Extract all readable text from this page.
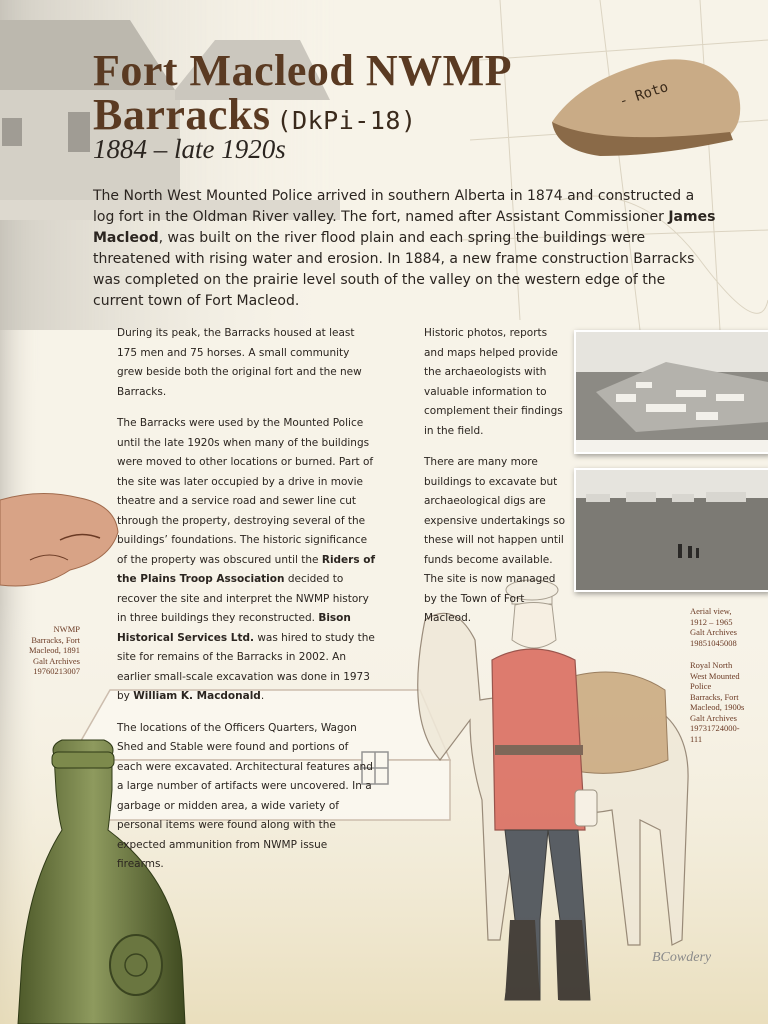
- Roto
Fort Macleod NWMP
Barracks (DkPi-18)

1884 – late 1920s

The North West Mounted Police arrived in southern Alberta in 1874 and constructed a log fort in the Oldman River valley. The fort, named after Assistant Commissioner James Macleod, was built on the river flood plain and each spring the buildings were threatened with rising water and erosion. In 1884, a new frame construction Barracks was completed on the prairie level south of the valley on the western edge of the current town of Fort Macleod.

During its peak, the Barracks housed at least 175 men and 75 horses. A small community grew beside both the original fort and the new Barracks.

The Barracks were used by the Mounted Police until the late 1920s when many of the buildings were moved to other locations or burned. Part of the site was later occupied by a drive in movie theatre and a service road and sewer line cut through the property, destroying several of the buildings’ foundations. The historic significance of the property was obscured until the Riders of the Plains Troop Association decided to recover the site and interpret the NWMP history in three buildings they reconstructed. Bison Historical Services Ltd. was hired to study the site for remains of the Barracks in 2002. An earlier small-scale excavation was done in 1973 by William K. Macdonald.

The locations of the Officers Quarters, Wagon Shed and Stable were found and portions of each were excavated. Architectural features and a large number of artifacts were uncovered. In a garbage or midden area, a wide variety of personal items were found along with the expected ammunition from NWMP issue firearms.

Historic photos, reports and maps helped provide the archaeologists with valuable information to complement their findings in the field.

There are many more buildings to excavate but archaeological digs are expensive undertakings so these will not happen until funds become available. The site is now managed by the Town of Fort Macleod.

NWMP
Barracks, Fort
Macleod, 1891
Galt Archives
19760213007
Aerial view,
1912 – 1965
Galt Archives
19851045008
Royal North
West Mounted
Police
Barracks, Fort
Macleod, 1900s
Galt Archives
19731724000-
111

BCowdery
